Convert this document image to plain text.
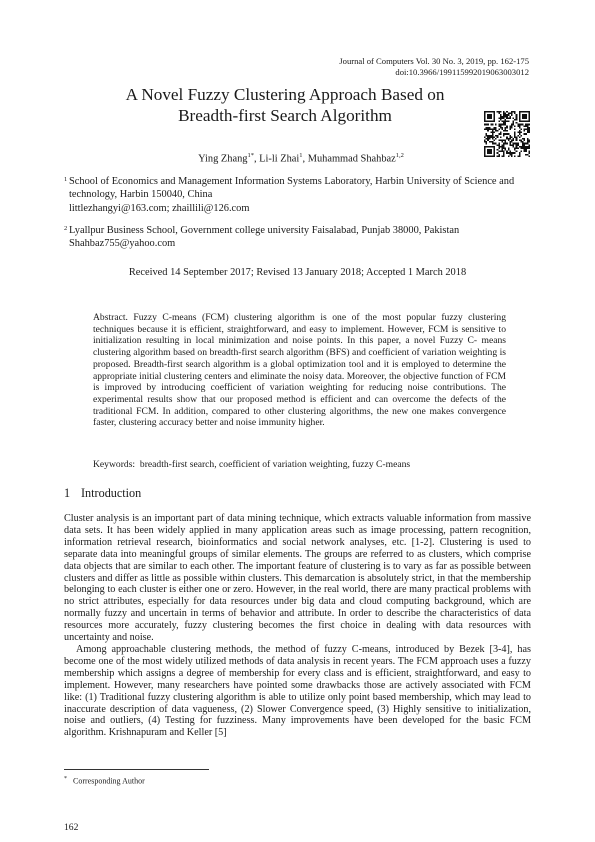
Journal of Computers Vol. 30 No. 3, 2019, pp. 162-175
doi:10.3966/199115992019063003012
A Novel Fuzzy Clustering Approach Based on
Breadth-first Search Algorithm
Ying Zhang$^{1*}$, Li-li Zhai$^1$, Muhammad Shahbaz$^{1,2}$
1 School of Economics and Management Information Systems Laboratory, Harbin University of Science and
technology, Harbin 150040, China
littlezhangyi@163.com; zhaillili@126.com
2 Lyallpur Business School, Government college university Faisalabad, Punjab 38000, Pakistan
Shahbaz755@yahoo.com
Received 14 September 2017; Revised 13 January 2018; Accepted 1 March 2018
Abstract. Fuzzy C-means (FCM) clustering algorithm is one of the most popular fuzzy clustering techniques because it is efficient, straightforward, and easy to implement. However, FCM is sensitive to initialization resulting in local minimization and noise points. In this paper, a novel Fuzzy C- means clustering algorithm based on breadth-first search algorithm (BFS) and coefficient of variation weighting is proposed. Breadth-first search algorithm is a global optimization tool and it is employed to determine the appropriate initial clustering centers and eliminate the noisy data. Moreover, the objective function of FCM is improved by introducing coefficient of variation weighting for reducing noise contributions. The experimental results show that our proposed method is efficient and can overcome the defects of the traditional FCM. In addition, compared to other clustering algorithms, the new one makes convergence faster, clustering accuracy better and noise immunity higher.
Keywords: breadth-first search, coefficient of variation weighting, fuzzy C-means
1 Introduction

Cluster analysis is an important part of data mining technique, which extracts valuable information from massive data sets. It has been widely applied in many application areas such as image processing, pattern recognition, information retrieval research, bioinformatics and social network analyses, etc. [1-2]. Clustering is used to separate data into meaningful groups of similar elements. The groups are referred to as clusters, which comprise data objects that are similar to each other. The important feature of clustering is to vary as far as possible between clusters and differ as little as possible within clusters. This demarcation is absolutely strict, in that the membership belonging to each cluster is either one or zero. However, in the real world, there are many practical problems with no strict attributes, especially for data resources under big data and cloud computing background, which are normally fuzzy and uncertain in terms of behavior and attribute. In order to describe the characteristics of data resources more accurately, fuzzy clustering becomes the first choice in dealing with data resources with uncertainty and noise.

Among approachable clustering methods, the method of fuzzy C-means, introduced by Bezek [3-4], has become one of the most widely utilized methods of data analysis in recent years. The FCM approach uses a fuzzy membership which assigns a degree of membership for every class and is efficient, straightforward, and easy to implement. However, many researchers have pointed some drawbacks those are actively associated with FCM like: (1) Traditional fuzzy clustering algorithm is able to utilize only point based membership, which may lead to inaccurate description of data vagueness, (2) Slower Convergence speed, (3) Highly sensitive to initialization, noise and outliers, (4) Testing for fuzziness. Many improvements have been developed for the basic FCM algorithm. Krishnapuram and Keller [5]

* Corresponding Author
162
